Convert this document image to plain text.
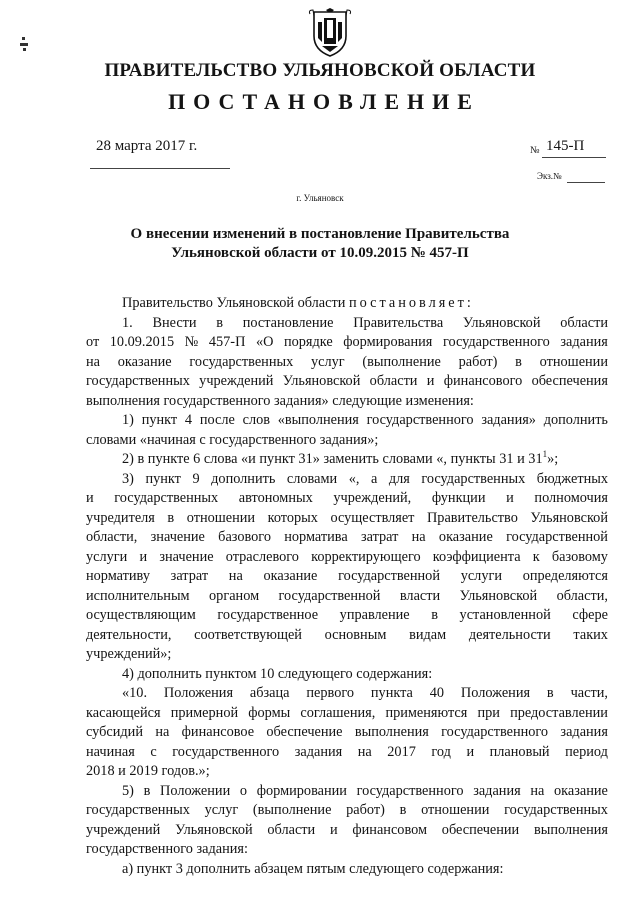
ПРАВИТЕЛЬСТВО УЛЬЯНОВСКОЙ ОБЛАСТИ
ПОСТАНОВЛЕНИЕ
28 марта 2017 г.	№ 145-П
Экз.№
г. Ульяновск
О внесении изменений в постановление Правительства
Ульяновской области от 10.09.2015 № 457-П
Правительство Ульяновской области постановляет:
1. Внести в постановление Правительства Ульяновской области
от 10.09.2015 № 457-П «О порядке формирования государственного задания
на оказание государственных услуг (выполнение работ) в отношении
государственных учреждений Ульяновской области и финансового обеспечения
выполнения государственного задания» следующие изменения:
1) пункт 4 после слов «выполнения государственного задания» дополнить
словами «начиная с государственного задания»;
2) в пункте 6 слова «и пункт 31» заменить словами «, пункты 31 и $31^1$»;
3) пункт 9 дополнить словами «, а для государственных бюджетных
и государственных автономных учреждений, функции и полномочия
учредителя в отношении которых осуществляет Правительство Ульяновской
области, значение базового норматива затрат на оказание государственной
услуги и значение отраслевого корректирующего коэффициента к базовому
нормативу затрат на оказание государственной услуги определяются
исполнительным органом государственной власти Ульяновской области,
осуществляющим государственное управление в установленной сфере
деятельности, соответствующей основным видам деятельности таких
учреждений»;
4) дополнить пунктом 10 следующего содержания:
«10. Положения абзаца первого пункта 40 Положения в части,
касающейся примерной формы соглашения, применяются при предоставлении
субсидий на финансовое обеспечение выполнения государственного задания
начиная с государственного задания на 2017 год и плановый период
2018 и 2019 годов.»;
5) в Положении о формировании государственного задания на оказание
государственных услуг (выполнение работ) в отношении государственных
учреждений Ульяновской области и финансовом обеспечении выполнения
государственного задания:
а) пункт 3 дополнить абзацем пятым следующего содержания:
